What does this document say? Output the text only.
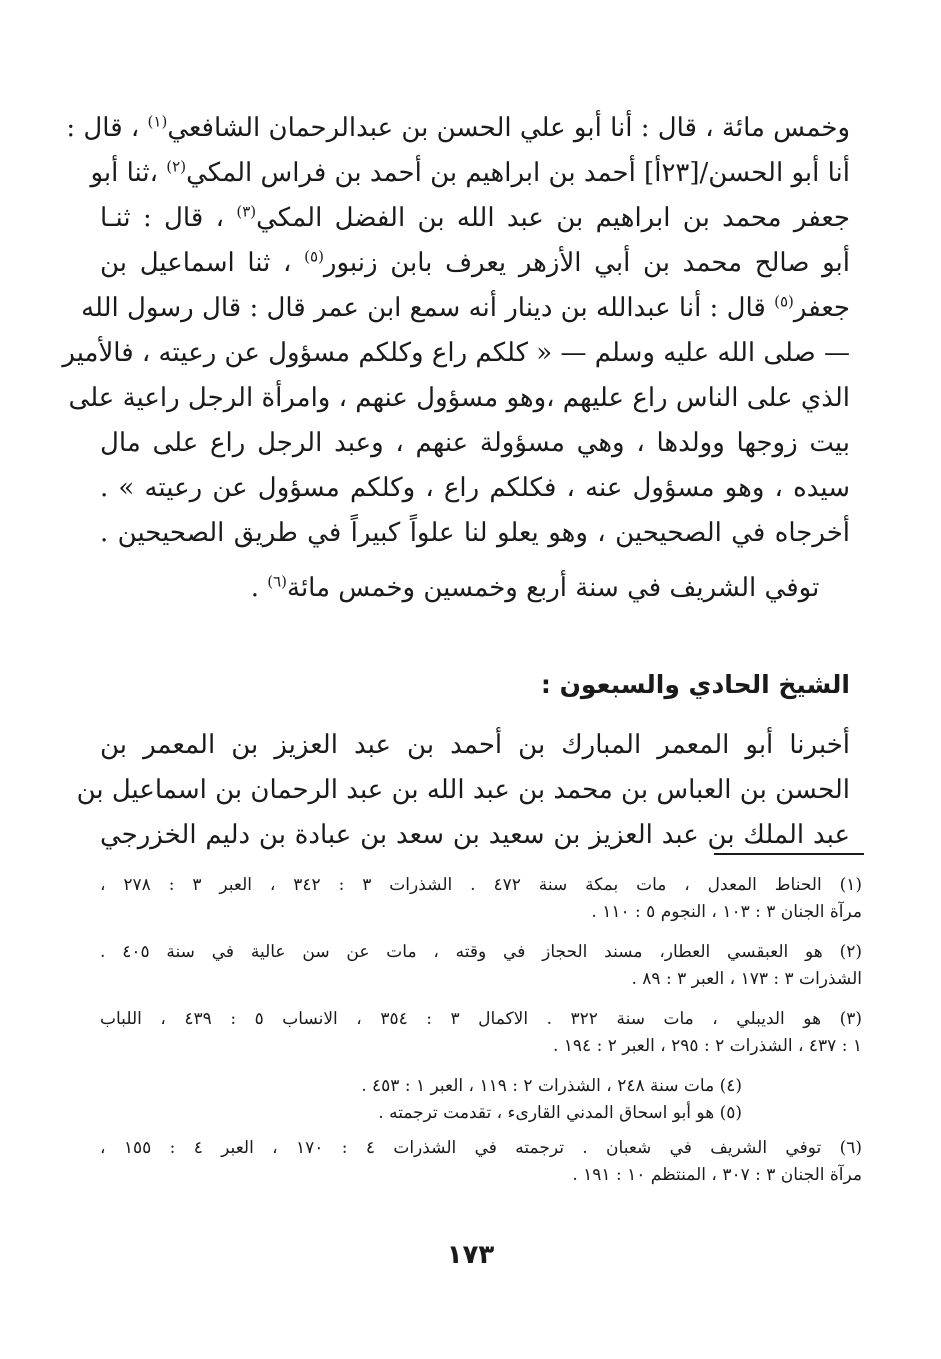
وخمس مائة ، قال : أنا أبو علي الحسن بن عبدالرحمان الشافعي$^{(١)}$ ، قال :
أنا أبو الحسن/[٢٣أ] أحمد بن ابراهيم بن أحمد بن فراس المكي$^{(٢)}$ ،ثنا أبو
جعفر محمد بن ابراهيم بن عبد الله بن الفضل المكي$^{(٣)}$ ، قال : ثنـا
أبو صالح محمد بن أبي الأزهر يعرف بابن زنبور$^{(٥)}$ ، ثنا اسماعيل بن
جعفر$^{(٥)}$ قال : أنا عبدالله بن دينار أنه سمع ابن عمر قال : قال رسول الله
— صلى الله عليه وسلم — « كلكم راع وكلكم مسؤول عن رعيته ، فالأمير
الذي على الناس راع عليهم ،وهو مسؤول عنهم ، وامرأة الرجل راعية على
بيت زوجها وولدها ، وهي مسؤولة عنهم ، وعبد الرجل راع على مال
سيده ، وهو مسؤول عنه ، فكلكم راع ، وكلكم مسؤول عن رعيته » .
أخرجاه في الصحيحين ، وهو يعلو لنا علواً كبيراً في طريق الصحيحين .
توفي الشريف في سنة أربع وخمسين وخمس مائة$^{(٦)}$ .
الشيخ الحادي والسبعون :
أخبرنا أبو المعمر المبارك بن أحمد بن عبد العزيز بن المعمر بن
الحسن بن العباس بن محمد بن عبد الله بن عبد الرحمان بن اسماعيل بن
عبد الملك بن عبد العزيز بن سعيد بن سعد بن عبادة بن دليم الخزرجي
(١) الحناط المعدل ، مات بمكة سنة ٤٧٢ . الشذرات ٣ : ٣٤٢ ، العبر ٣ : ٢٧٨ ،
مرآة الجنان ٣ : ١٠٣ ، النجوم ٥ : ١١٠ .
(٢) هو العبقسي العطار، مسند الحجاز في وقته ، مات عن سن عالية في سنة ٤٠٥ .
الشذرات ٣ : ١٧٣ ، العبر ٣ : ٨٩ .
(٣) هو الديبلي ، مات سنة ٣٢٢ . الاكمال ٣ : ٣٥٤ ، الانساب ٥ : ٤٣٩ ، اللباب
١ : ٤٣٧ ، الشذرات ٢ : ٢٩٥ ، العبر ٢ : ١٩٤ .
(٤) مات سنة ٢٤٨ ، الشذرات ٢ : ١١٩ ، العبر ١ : ٤٥٣ .
(٥) هو أبو اسحاق المدني القارىء ، تقدمت ترجمته .
(٦) توفي الشريف في شعبان . ترجمته في الشذرات ٤ : ١٧٠ ، العبر ٤ : ١٥٥ ،
مرآة الجنان ٣ : ٣٠٧ ، المنتظم ١٠ : ١٩١ .
١٧٣
